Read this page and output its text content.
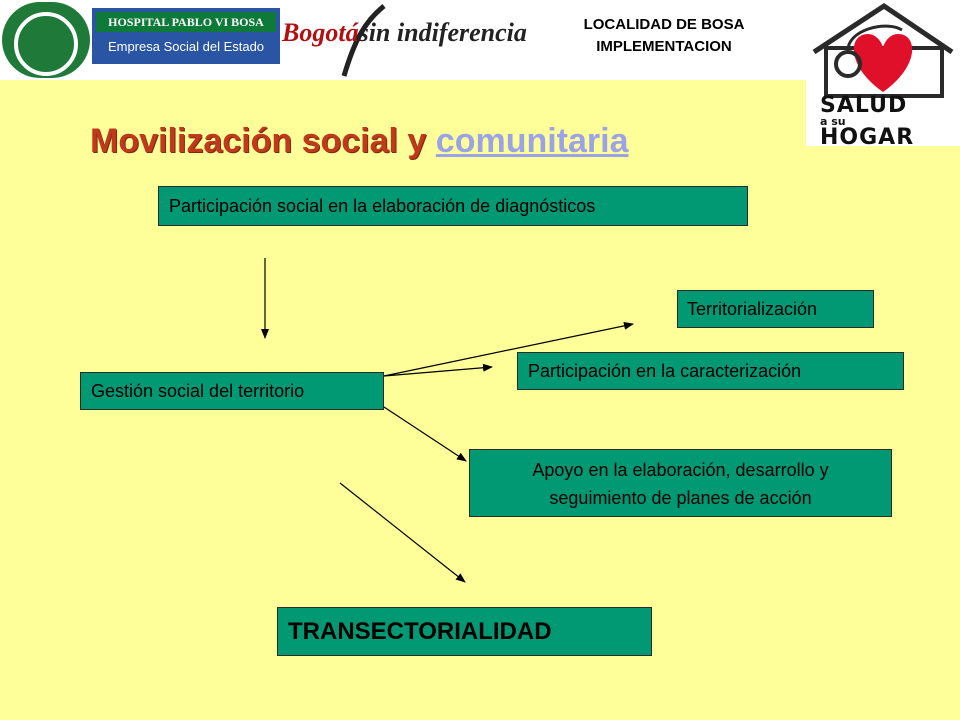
HOSPITAL PABLO VI BOSA
Empresa Social del Estado Bogotásin indiferencia	LOCALIDAD DE BOSA
IMPLEMENTACION
SALUD
a su
HOGAR
Movilización social y comunitaria
Participación social en la elaboración de diagnósticos
Territorialización
Participación en la caracterización
Gestión social del territorio
Apoyo en la elaboración, desarrollo y
seguimiento de planes de acción
TRANSECTORIALIDAD
